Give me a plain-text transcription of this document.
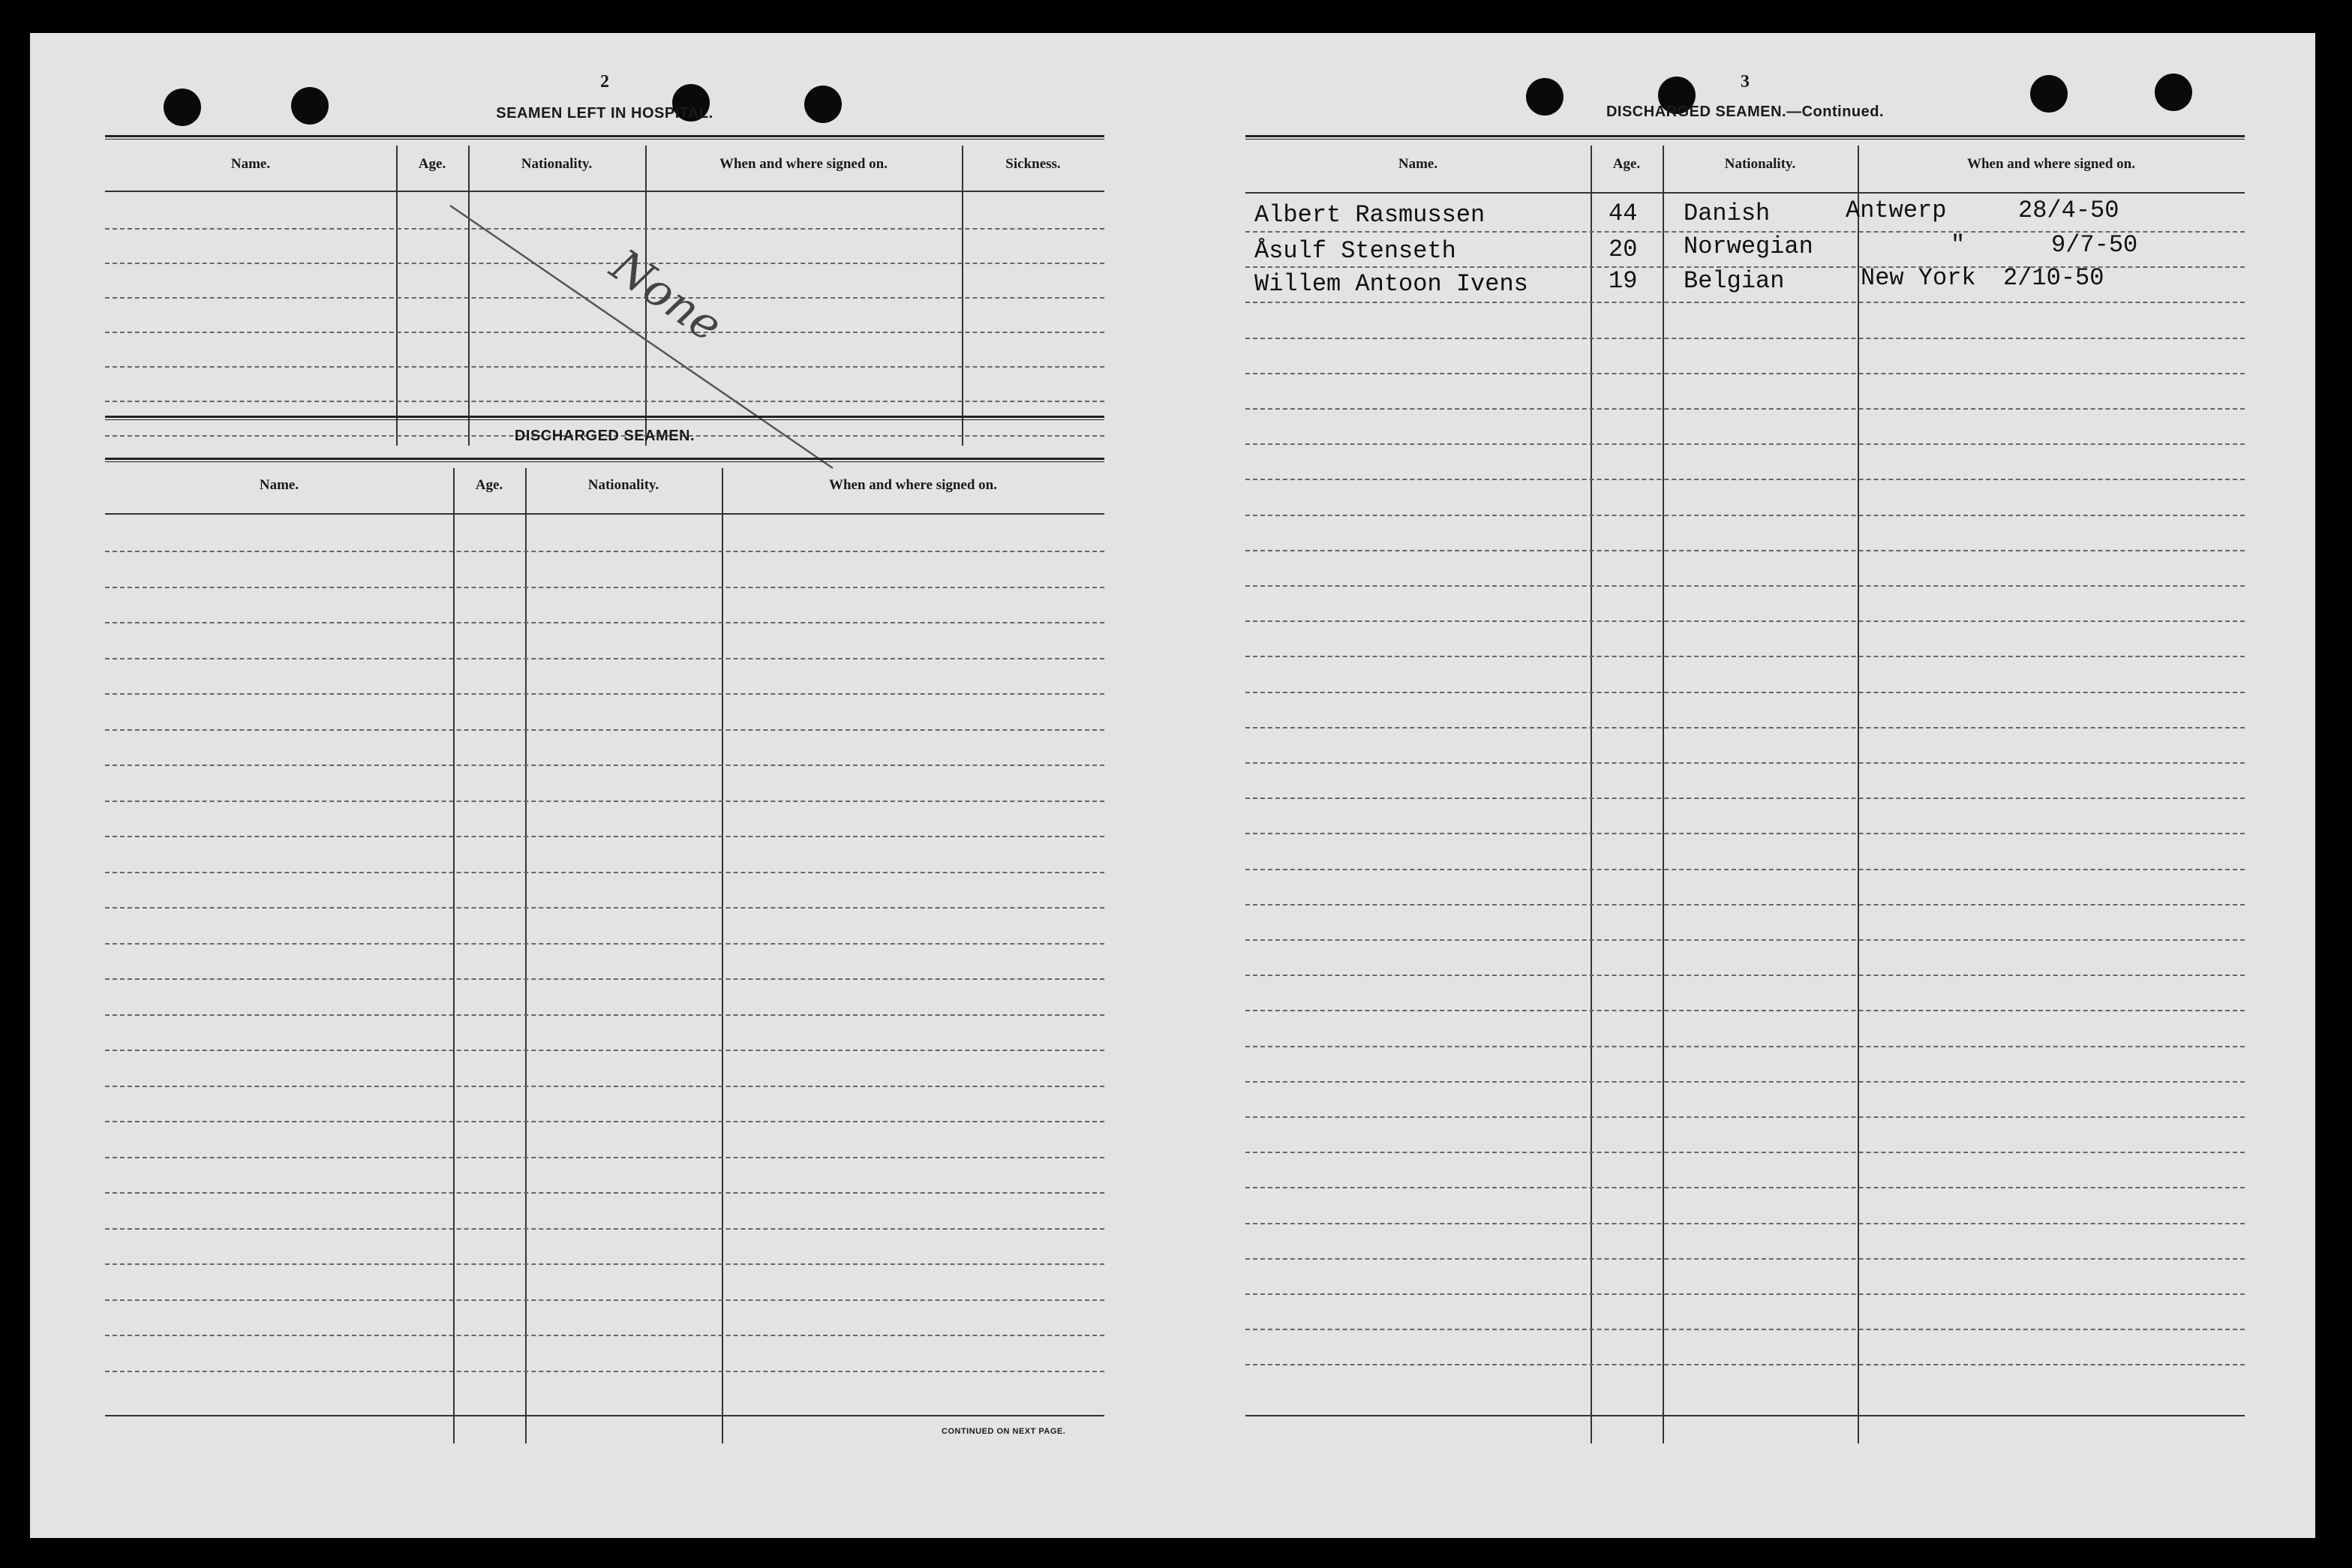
2
SEAMEN LEFT IN HOSPITAL.
Name.	Age.	Nationality.	When and where signed on.	Sickness.
None
DISCHARGED SEAMEN.
Name.	Age.	Nationality.	When and where signed on.
CONTINUED ON NEXT PAGE.
3
DISCHARGED SEAMEN.—Continued.
Name.	Age.	Nationality.	When and where signed on.
Albert Rasmussen	44 Danish	Antwerp	28/4-50
Åsulf Stenseth	20 Norwegian	"	9/7-50
Willem Antoon Ivens	19 Belgian	New York 2/10-50
